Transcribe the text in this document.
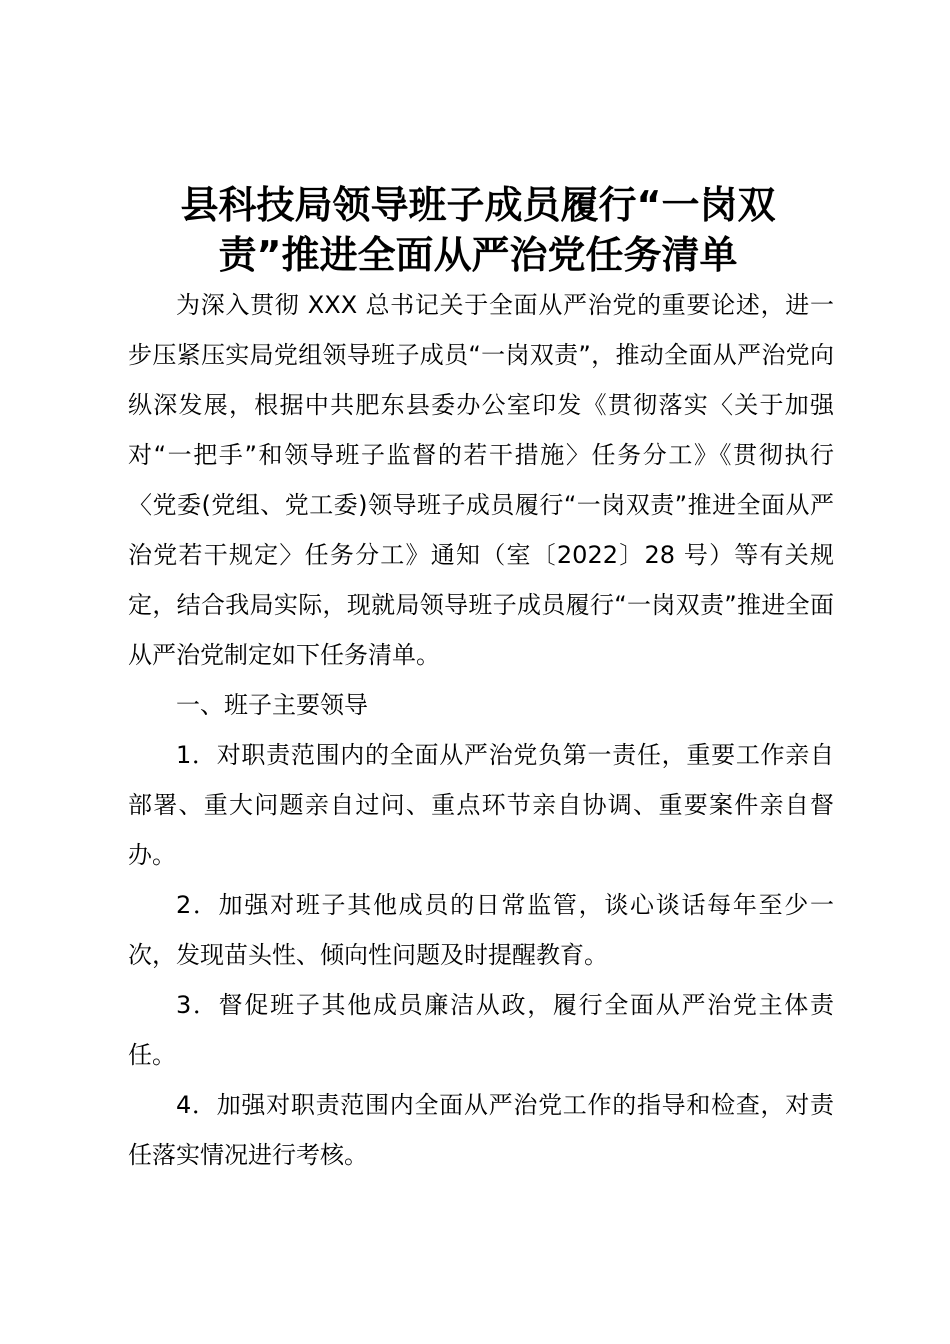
县科技局领导班子成员履行“一岗双
责”推进全面从严治党任务清单

为深入贯彻 XXX 总书记关于全面从严治党的重要论述，进一步压紧压实局党组领导班子成员“一岗双责”，推动全面从严治党向纵深发展，根据中共肥东县委办公室印发《贯彻落实〈关于加强对“一把手”和领导班子监督的若干措施〉任务分工》《贯彻执行〈党委(党组、党工委)领导班子成员履行“一岗双责”推进全面从严治党若干规定〉任务分工》通知（室〔2022〕28 号）等有关规定，结合我局实际，现就局领导班子成员履行“一岗双责”推进全面从严治党制定如下任务清单。

一、班子主要领导

1．对职责范围内的全面从严治党负第一责任，重要工作亲自部署、重大问题亲自过问、重点环节亲自协调、重要案件亲自督办。

2．加强对班子其他成员的日常监管，谈心谈话每年至少一次，发现苗头性、倾向性问题及时提醒教育。

3．督促班子其他成员廉洁从政，履行全面从严治党主体责任。

4．加强对职责范围内全面从严治党工作的指导和检查，对责任落实情况进行考核。
